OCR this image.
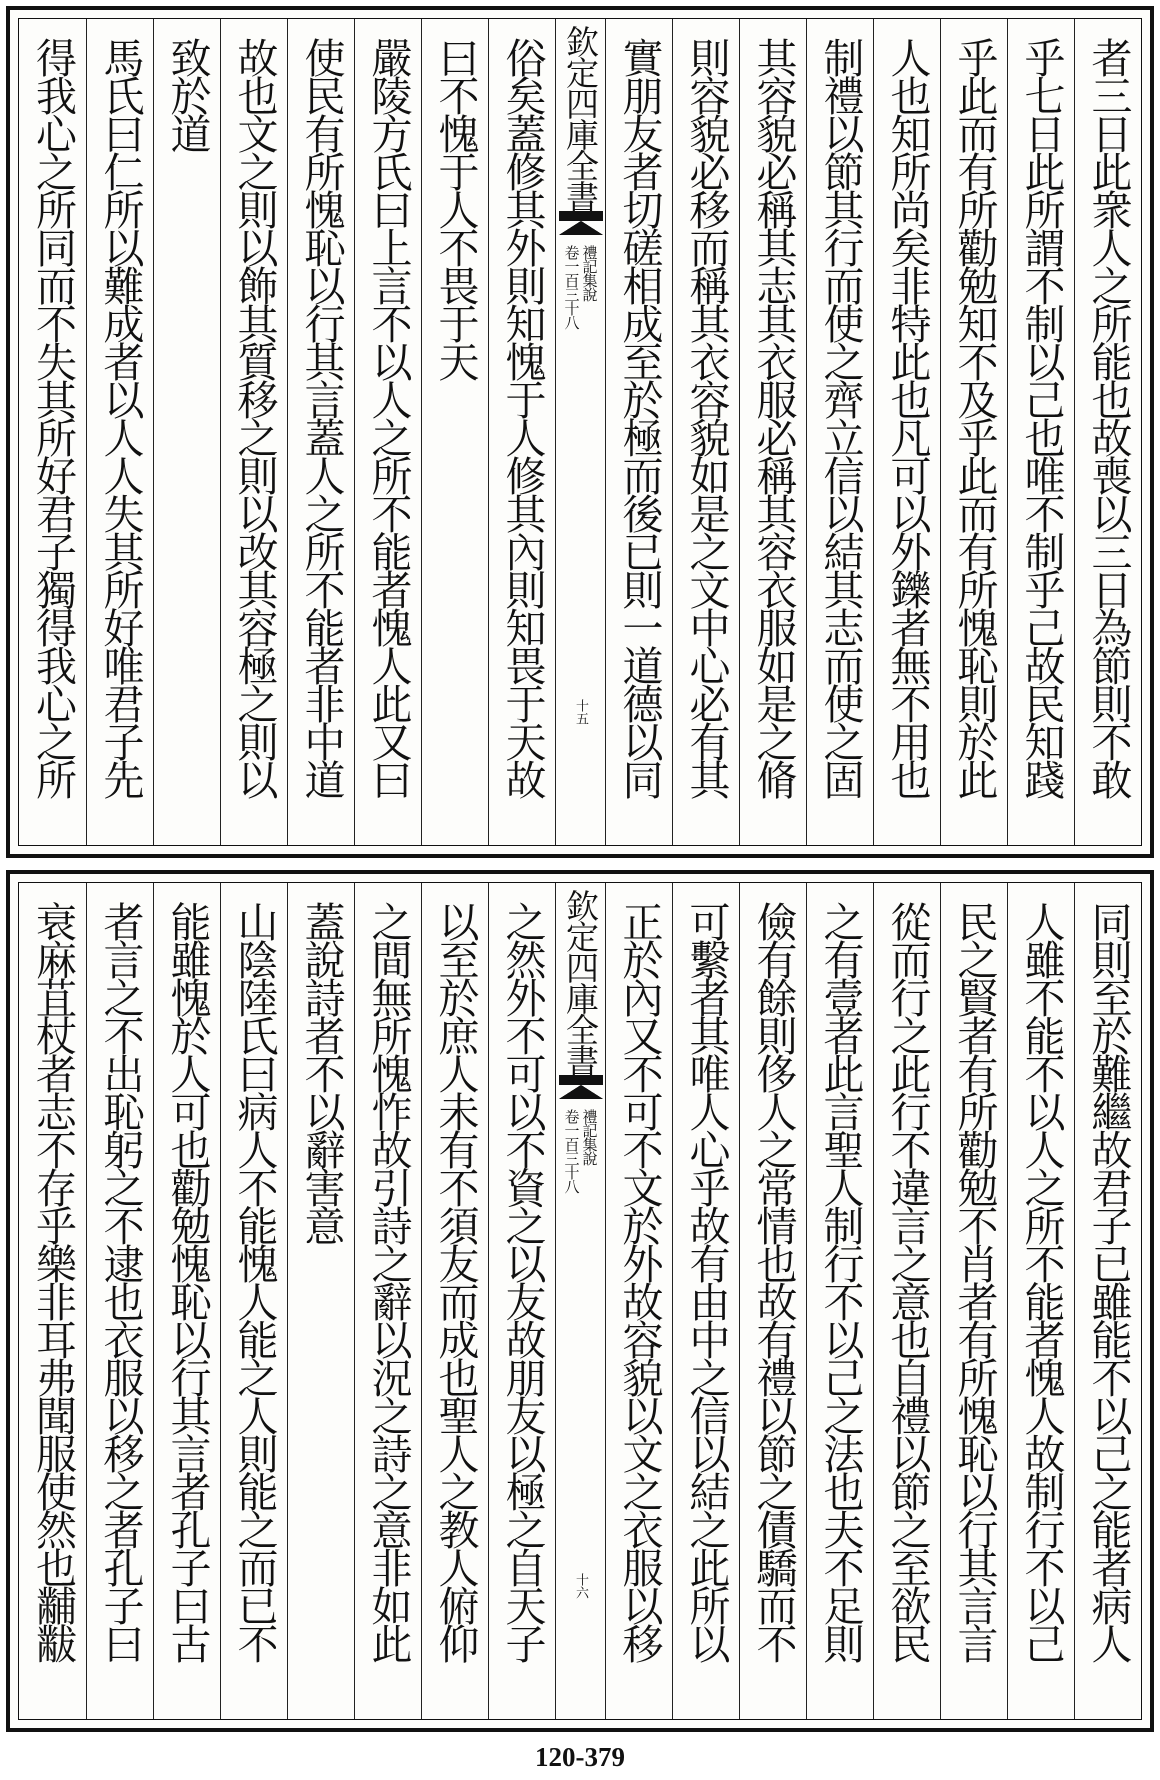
者三日此衆人之所能也故喪以三日為節則不敢
乎七日此所謂不制以己也唯不制乎己故民知踐
乎此而有所勸勉知不及乎此而有所愧恥則於此
人也知所尚矣非特此也凡可以外鑠者無不用也
制禮以節其行而使之齊立信以結其志而使之固
其容貌必稱其志其衣服必稱其容衣服如是之脩
則容貌必移而稱其衣容貌如是之文中心必有其
實朋友者切磋相成至於極而後已則一道德以同
欽定四庫全書
禮記集說
卷一百三十八
十五
俗矣蓋修其外則知愧于人修其內則知畏于天故
曰不愧于人不畏于天
嚴陵方氏曰上言不以人之所不能者愧人此又曰
使民有所愧恥以行其言蓋人之所不能者非中道
故也文之則以飾其質移之則以改其容極之則以
致於道
馬氏曰仁所以難成者以人人失其所好唯君子先
得我心之所同而不失其所好君子獨得我心之所
同則至於難繼故君子已雖能不以己之能者病人
人雖不能不以人之所不能者愧人故制行不以己
民之賢者有所勸勉不肖者有所愧恥以行其言言
從而行之此行不違言之意也自禮以節之至欲民
之有壹者此言聖人制行不以己之法也夫不足則
儉有餘則侈人之常情也故有禮以節之債驕而不
可繫者其唯人心乎故有由中之信以結之此所以
正於內又不可不文於外故容貌以文之衣服以移
欽定四庫全書
禮記集說
卷一百三十八
十六
之然外不可以不資之以友故朋友以極之自天子
以至於庶人未有不須友而成也聖人之教人俯仰
之間無所愧怍故引詩之辭以況之詩之意非如此
蓋說詩者不以辭害意
山陰陸氏曰病人不能愧人能之人則能之而已不
能雖愧於人可也勸勉愧恥以行其言者孔子曰古
者言之不出恥躬之不逮也衣服以移之者孔子曰
衰麻苴杖者志不存乎樂非耳弗聞服使然也黼黻
120-379
